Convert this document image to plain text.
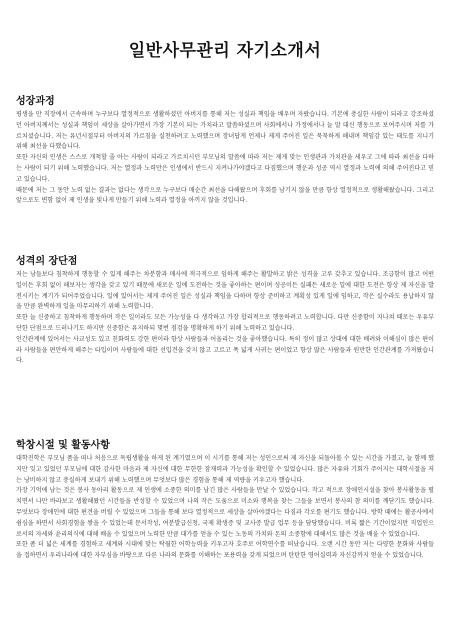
일반사무관리 자기소개서
성장과정
평생을 만 직장에서 근속하며 누구보다 열정적으로 생활하셨던 아버지를 통해 저는 성실과 책임을 배우며 자랐습니다. 기본에 충실한 사람이 되라고 강조하셨던 아버지께서는 성실과 책임이 세상을 살아가면서 가장 기본이 되는 가치라고 말씀하셨으며 사회에서나 가정에서나 늘 말 대신 행동으로 보여주시며 저를 가르치셨습니다. 저는 유년시절부터 아버지의 가르침을 실천하려고 노력했으며 장녀답게 언제나 제게 주어진 일은 묵묵하게 해내며 책임감 있는 태도를 지니기 위해 최선을 다했습니다.
또한 자신의 인생은 스스로 개척할 줄 아는 사람이 되라고 가르치시던 부모님의 말씀에 따라 저는 제게 맞는 인생관과 가치관을 세우고 그에 따라 최선을 다하는 사람이 되기 위해 노력했습니다. 저는 열정과 노력만은 인생에서 반드시 지켜나가야겠다고 다짐했으며 행운과 성공 역시 열정과 노력에 의해 주어진다고 믿고 있습니다.
때문에 저는 그 동안 노력 없는 결과는 없다는 생각으로 누구보다 매순간 최선을 다해왔으며 후회를 남기지 않을 만큼 항상 열정적으로 생활해왔습니다. 그리고 앞으로도 변함 없이 제 인생을 빛나게 만들기 위해 노력과 열정을 아끼지 않을 것입니다.
성격의 장단점
저는 남들보다 침착하게 행동할 수 있게 해주는 차분함과 매사에 적극적으로 임하게 해주는 활발하고 밝은 성격을 고루 갖추고 있습니다. 조급함이 많고 어떤 일이든 후회 없이 해보자는 생각을 갖고 있기 때문에 새로운 일에 도전하는 것을 좋아하는 편이며 성공이든 실패든 새로운 일에 대한 도전은 항상 제 자신을 발전시키는 계기가 되어주었습니다. 일에 있어서는 제게 주어진 일은 성실과 책임을 다하며 항상 준비하고 계획성 있게 일에 임하고, 작은 실수라도 용납하지 않을 만큼 완벽하게 일을 마무리하기 위해 노력합니다.
또한 늘 신중하고 침착하게 행동하며 작은 일이라도 모든 가능성을 다 생각하고 가장 합리적으로 행동하려고 노력합니다. 다만 신중함이 지나쳐 때로는 우유부단한 단점으로 드러나기도 하지만 신중함은 유지하되 몇번 점검을 명확하게 하기 위해 노력하고 있습니다.
인간관계에 있어서는 사교성도 있고 친화력도 강한 편이라 항상 사람들과 어울리는 것을 좋아했습니다. 특히 정이 많고 상대에 대한 배려와 이해심이 많은 편이라 사람들을 편안하게 해주는 타입이며 사람들에 대한 선입견을 갖지 않고 고르고 폭 넓게 사귀는 편이었고 항상 많은 사람들과 원만한 인간관계를 가져왔습니다.
학창시절 및 활동사항
대학진학은 부모님 품을 떠나 처음으로 독립생활을 하게 된 계기였으며 이 시기를 통해 저는 성인으로써 제 자신을 되돌아볼 수 있는 시간을 가졌고, 늘 함께 했지만 잊고 있었던 부모님에 대한 감사한 마음과 제 자신에 대한 무한한 잠재력과 가능성을 확인할 수 있었습니다. 많은 자유와 기회가 주어지는 대학시절을 저는 낭비하지 않고 충실하게 보내기 위해 노력했으며 무엇보다 많은 경험을 통해 제 역량을 키우고자 했습니다.
가장 기억에 남는 것은 봉사 동아리 활동으로 제 인생에 소중한 의미를 남긴 많은 사람들을 만날 수 있었습니다. 작고 적으로 장애인시설을 찾아 봉사활동을 펼치면서 나만 바라보고 생활해왔던 시간들을 반성할 수 있었으며 나의 작은 도움으로 미소와 행복을 찾는 그들을 보면서 봉사의 참 의미를 깨닫기도 했습니다. 무엇보다 장애인에 대한 편견을 버릴 수 있었으며 그들을 통해 보다 열정적으로 세상을 살아야겠다는 다짐과 각오를 편기도 했습니다. 방학 때에는 활공사에서 쉼심을 하면서 사회경험을 쌓을 수 있었는데 문서작성, 여분발급신청, 국제 확생증 및 교사증 발급 업무 등을 담당했습니다. 비록 짧은 기간이었지만 직업인으로서의 자세와 윤리의식에 대해 배울 수 있었으며 노력한 만큼 대가를 얻을 수 있는 노동의 가치와 돈의 소중함에 대해서도 많은 것을 배울 수 있었습니다.
또한 좀 더 넓은 세계를 경험하고 세계와 시대에 맞는 탁월한 어학능력을 키우고자 호주로 어학연수를 떠났습니다. 오랜 시간 동안 저는 다양한 문화와 사람들을 접하면서 우리나라에 대한 자부심을 바탕으로 다른 나라의 문화를 이해하는 포용력을 갖게 되었으며 탄탄한 영어실력과 자신감까지 얻을 수 있었습니다.
